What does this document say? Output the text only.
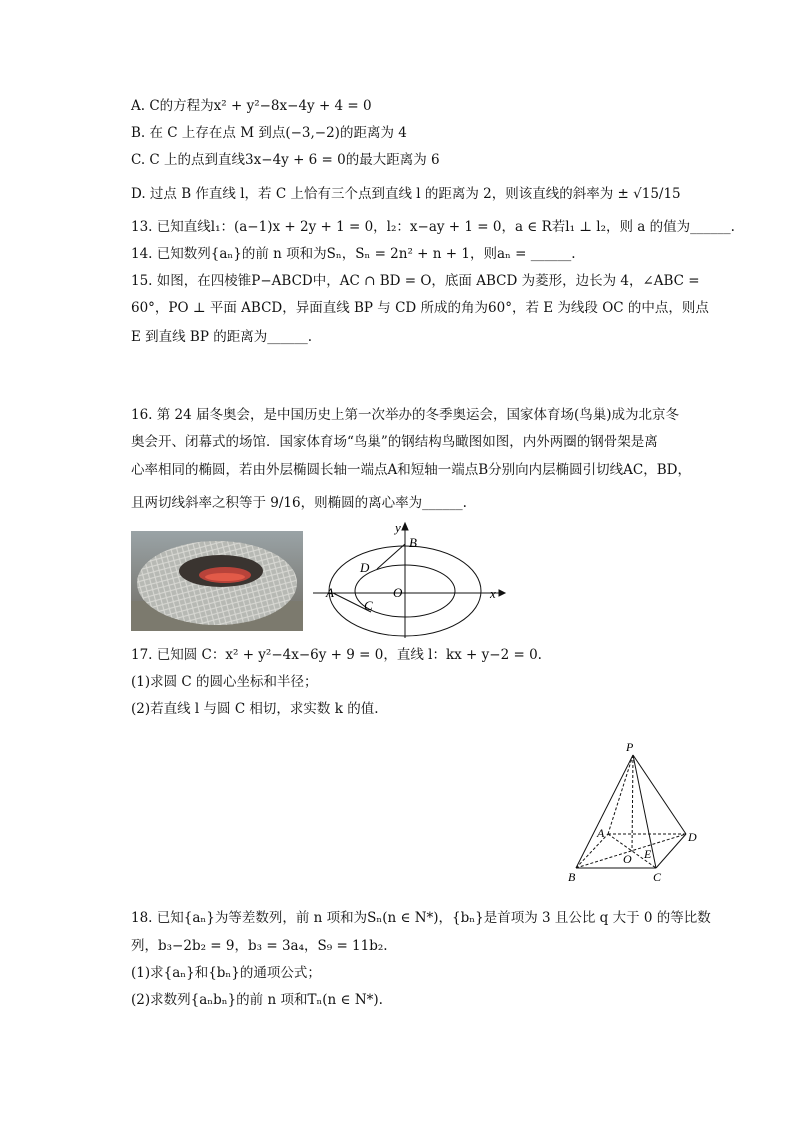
A. C的方程为x² + y²−8x−4y + 4 = 0
B. 在 C 上存在点 M 到点(−3,−2)的距离为 4
C. C 上的点到直线3x−4y + 6 = 0的最大距离为 6
D. 过点 B 作直线 l，若 C 上恰有三个点到直线 l 的距离为 2，则该直线的斜率为 ± √15/15
13. 已知直线l₁：(a−1)x + 2y + 1 = 0，l₂：x−ay + 1 = 0，a ∈ R若l₁ ⊥ l₂，则 a 的值为______.
14. 已知数列{aₙ}的前 n 项和为Sₙ，Sₙ = 2n² + n + 1，则aₙ = ______.
15. 如图，在四棱锥P−ABCD中，AC ∩ BD = O，底面 ABCD 为菱形，边长为 4，∠ABC =
60°，PO ⊥ 平面 ABCD，异面直线 BP 与 CD 所成的角为60°，若 E 为线段 OC 的中点，则点
E 到直线 BP 的距离为______.
16. 第 24 届冬奥会，是中国历史上第一次举办的冬季奥运会，国家体育场(鸟巢)成为北京冬
奥会开、闭幕式的场馆．国家体育场“鸟巢”的钢结构鸟瞰图如图，内外两圈的钢骨架是离
心率相同的椭圆，若由外层椭圆长轴一端点A和短轴一端点B分别向内层椭圆引切线AC，BD，
且两切线斜率之积等于 9/16，则椭圆的离心率为______.
y
B
D
A	O
C
x
17. 已知圆 C：x² + y²−4x−6y + 9 = 0，直线 l：kx + y−2 = 0.
(1)求圆 C 的圆心坐标和半径；
(2)若直线 l 与圆 C 相切，求实数 k 的值.
P
A	D
O E
B	C
18. 已知{aₙ}为等差数列，前 n 项和为Sₙ(n ∈ N*)，{bₙ}是首项为 3 且公比 q 大于 0 的等比数
列，b₃−2b₂ = 9，b₃ = 3a₄，S₉ = 11b₂.
(1)求{aₙ}和{bₙ}的通项公式；
(2)求数列{aₙbₙ}的前 n 项和Tₙ(n ∈ N*).
